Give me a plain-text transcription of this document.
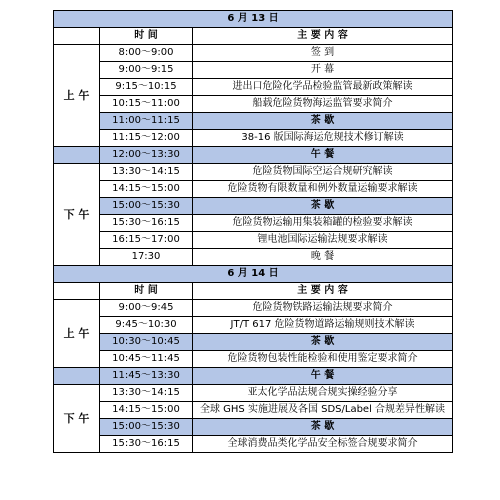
6 月 13 日		
	时 间	主 要 内 容
上 午	8:00～9:00	签 到
	9:00～9:15	开 幕
	9:15～10:15	进出口危险化学品检验监管最新政策解读
	10:15～11:00	船载危险货物海运监管要求简介
	11:00～11:15	茶 歇
	11:15～12:00	38-16 版国际海运危规技术修订解读
	12:00～13:30	午 餐
下 午	13:30～14:15	危险货物国际空运合规研究解读
	14:15～15:00	危险货物有限数量和例外数量运输要求解读
	15:00～15:30	茶 歇
	15:30～16:15	危险货物运输用集装箱罐的检验要求解读
	16:15～17:00	锂电池国际运输法规要求解读
	17:30	晚 餐
6 月 14 日		
	时 间	主 要 内 容
上 午	9:00～9:45	危险货物铁路运输法规要求简介
	9:45～10:30	JT/T 617 危险货物道路运输规则技术解读
	10:30～10:45	茶 歇
	10:45～11:45	危险货物包装性能检验和使用鉴定要求简介
	11:45～13:30	午 餐
下 午	13:30～14:15	亚太化学品法规合规实操经验分享
	14:15～15:00	全球 GHS 实施进展及各国 SDS/Label 合规差异性解读
	15:00～15:30	茶 歇
	15:30～16:15	全球消费品类化学品安全标签合规要求简介
